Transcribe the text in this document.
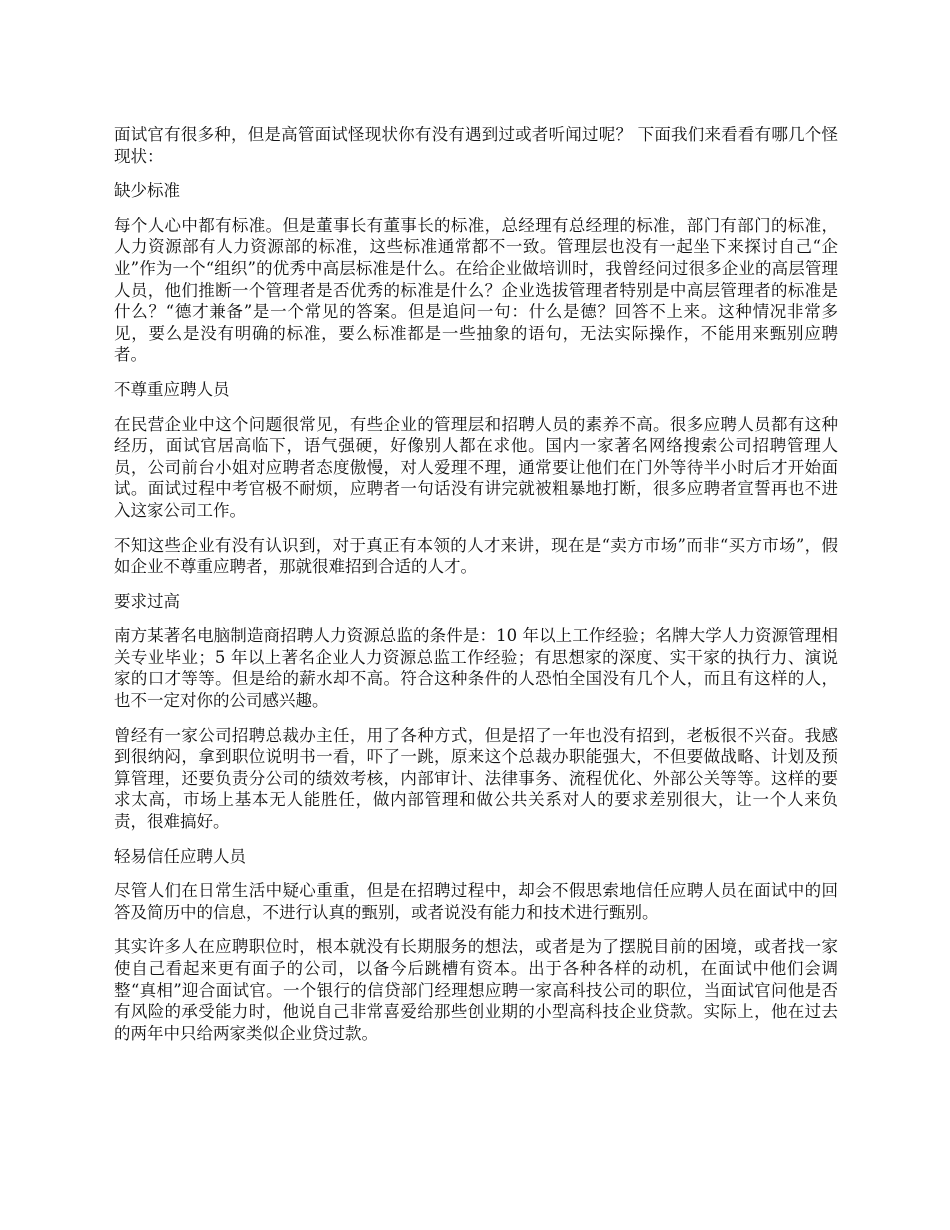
面试官有很多种，但是高管面试怪现状你有没有遇到过或者听闻过呢？ 下面我们来看看有哪几个怪现状：

缺少标准

每个人心中都有标准。但是董事长有董事长的标准，总经理有总经理的标准，部门有部门的标准，人力资源部有人力资源部的标准，这些标准通常都不一致。管理层也没有一起坐下来探讨自己“企业”作为一个“组织”的优秀中高层标准是什么。在给企业做培训时，我曾经问过很多企业的高层管理人员，他们推断一个管理者是否优秀的标准是什么？企业选拔管理者特别是中高层管理者的标准是什么？“德才兼备”是一个常见的答案。但是追问一句：什么是德？回答不上来。这种情况非常多见，要么是没有明确的标准，要么标准都是一些抽象的语句，无法实际操作，不能用来甄别应聘者。

不尊重应聘人员

在民营企业中这个问题很常见，有些企业的管理层和招聘人员的素养不高。很多应聘人员都有这种经历，面试官居高临下，语气强硬，好像别人都在求他。国内一家著名网络搜索公司招聘管理人员，公司前台小姐对应聘者态度傲慢，对人爱理不理，通常要让他们在门外等待半小时后才开始面试。面试过程中考官极不耐烦，应聘者一句话没有讲完就被粗暴地打断，很多应聘者宣誓再也不进入这家公司工作。

不知这些企业有没有认识到，对于真正有本领的人才来讲，现在是“卖方市场”而非“买方市场”，假如企业不尊重应聘者，那就很难招到合适的人才。

要求过高

南方某著名电脑制造商招聘人力资源总监的条件是：10 年以上工作经验；名牌大学人力资源管理相关专业毕业；5 年以上著名企业人力资源总监工作经验；有思想家的深度、实干家的执行力、演说家的口才等等。但是给的薪水却不高。符合这种条件的人恐怕全国没有几个人，而且有这样的人，也不一定对你的公司感兴趣。

曾经有一家公司招聘总裁办主任，用了各种方式，但是招了一年也没有招到，老板很不兴奋。我感到很纳闷，拿到职位说明书一看，吓了一跳，原来这个总裁办职能强大，不但要做战略、计划及预算管理，还要负责分公司的绩效考核，内部审计、法律事务、流程优化、外部公关等等。这样的要求太高，市场上基本无人能胜任，做内部管理和做公共关系对人的要求差别很大，让一个人来负责，很难搞好。

轻易信任应聘人员

尽管人们在日常生活中疑心重重，但是在招聘过程中，却会不假思索地信任应聘人员在面试中的回答及简历中的信息，不进行认真的甄别，或者说没有能力和技术进行甄别。

其实许多人在应聘职位时，根本就没有长期服务的想法，或者是为了摆脱目前的困境，或者找一家使自己看起来更有面子的公司，以备今后跳槽有资本。出于各种各样的动机，在面试中他们会调整“真相”迎合面试官。一个银行的信贷部门经理想应聘一家高科技公司的职位，当面试官问他是否有风险的承受能力时，他说自己非常喜爱给那些创业期的小型高科技企业贷款。实际上，他在过去的两年中只给两家类似企业贷过款。
